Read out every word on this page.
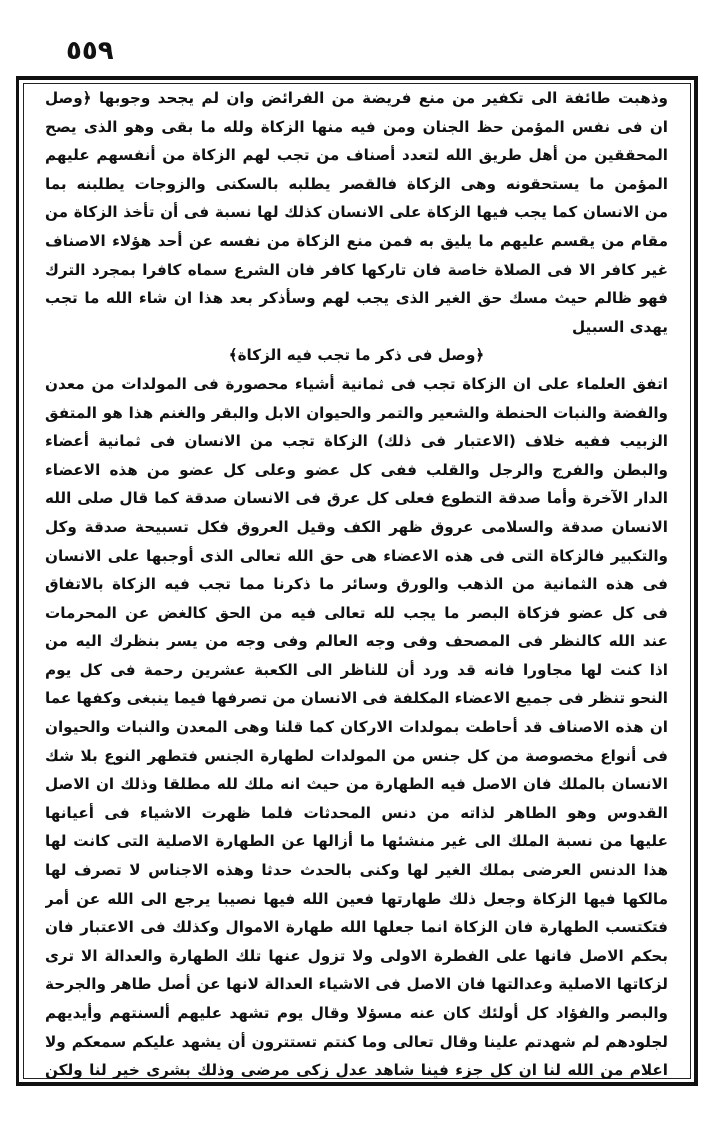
٥٥٩
وذهبت طائفة الى تكفير من منع فريضة من الفرائض وان لم يجحد وجوبها ﴿وصل
ان فى نفس المؤمن حظ الجنان ومن فيه منها الزكاة ولله ما بقى وهو الذى يصح
المحققين من أهل طريق الله لتعدد أصناف من تجب لهم الزكاة من أنفسهم عليهم
المؤمن ما يستحقونه وهى الزكاة فالقصر يطلبه بالسكنى والزوجات يطلبنه بما
من الانسان كما يجب فيها الزكاة على الانسان كذلك لها نسبة فى أن تأخذ الزكاة من
مقام من يقسم عليهم ما يليق به فمن منع الزكاة من نفسه عن أحد هؤلاء الاصناف
غير كافر الا فى الصلاة خاصة فان تاركها كافر فان الشرع سماه كافرا بمجرد الترك
فهو ظالم حيث مسك حق الغير الذى يجب لهم وسأذكر بعد هذا ان شاء الله ما تجب
يهدى السبيل
﴿وصل فى ذكر ما تجب فيه الزكاة﴾
اتفق العلماء على ان الزكاة تجب فى ثمانية أشياء محصورة فى المولدات من معدن
والفضة والنبات الحنطة والشعير والتمر والحيوان الابل والبقر والغنم هذا هو المتفق
الزبيب ففيه خلاف (الاعتبار فى ذلك) الزكاة تجب من الانسان فى ثمانية أعضاء
والبطن والفرج والرجل والقلب ففى كل عضو وعلى كل عضو من هذه الاعضاء
الدار الآخرة وأما صدقة التطوع فعلى كل عرق فى الانسان صدقة كما قال صلى الله
الانسان صدقة والسلامى عروق ظهر الكف وقيل العروق فكل تسبيحة صدقة وكل
والتكبير فالزكاة التى فى هذه الاعضاء هى حق الله تعالى الذى أوجبها على الانسان
فى هذه الثمانية من الذهب والورق وسائر ما ذكرنا مما تجب فيه الزكاة بالاتفاق
فى كل عضو فزكاة البصر ما يجب لله تعالى فيه من الحق كالغض عن المحرمات
عند الله كالنظر فى المصحف وفى وجه العالم وفى وجه من يسر بنظرك اليه من
اذا كنت لها مجاورا فانه قد ورد أن للناظر الى الكعبة عشرين رحمة فى كل يوم
النحو تنظر فى جميع الاعضاء المكلفة فى الانسان من تصرفها فيما ينبغى وكفها عما
ان هذه الاصناف قد أحاطت بمولدات الاركان كما قلنا وهى المعدن والنبات والحيوان
فى أنواع مخصوصة من كل جنس من المولدات لطهارة الجنس فتطهر النوع بلا شك
الانسان بالملك فان الاصل فيه الطهارة من حيث انه ملك لله مطلقا وذلك ان الاصل
القدوس وهو الطاهر لذاته من دنس المحدثات فلما ظهرت الاشياء فى أعيانها
عليها من نسبة الملك الى غير منشئها ما أزالها عن الطهارة الاصلية التى كانت لها
هذا الدنس العرضى بملك الغير لها وكنى بالحدث حدثا وهذه الاجناس لا تصرف لها
مالكها فيها الزكاة وجعل ذلك طهارتها فعين الله فيها نصيبا يرجع الى الله عن أمر
فتكتسب الطهارة فان الزكاة انما جعلها الله طهارة الاموال وكذلك فى الاعتبار فان
بحكم الاصل فانها على الفطرة الاولى ولا تزول عنها تلك الطهارة والعدالة الا ترى
لزكاتها الاصلية وعدالتها فان الاصل فى الاشياء العدالة لانها عن أصل طاهر والجرحة
والبصر والفؤاد كل أولئك كان عنه مسؤلا وقال يوم تشهد عليهم ألسنتهم وأيديهم
لجلودهم لم شهدتم علينا وقال تعالى وما كنتم تستترون أن يشهد عليكم سمعكم ولا
اعلام من الله لنا ان كل جزء فينا شاهد عدل زكى مرضى وذلك بشرى خير لنا ولكن
